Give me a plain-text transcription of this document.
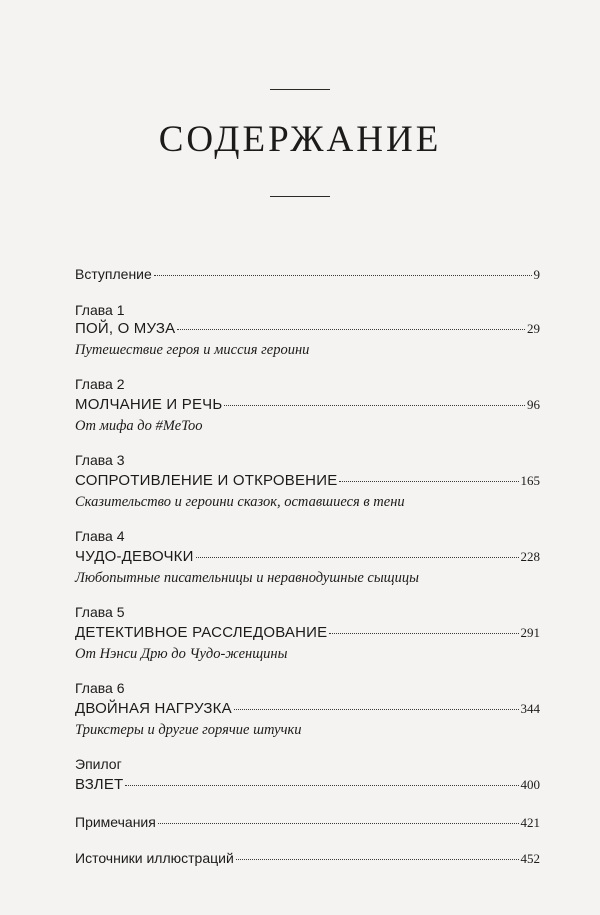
СОДЕРЖАНИЕ
Вступление	9
Глава 1
ПОЙ, О МУЗА	29
Путешествие героя и миссия героини
Глава 2
МОЛЧАНИЕ И РЕЧЬ	96
От мифа до #MeToo
Глава 3
СОПРОТИВЛЕНИЕ И ОТКРОВЕНИЕ	165
Сказительство и героини сказок, оставшиеся в тени
Глава 4
ЧУДО-ДЕВОЧКИ	228
Любопытные писательницы и неравнодушные сыщицы
Глава 5
ДЕТЕКТИВНОЕ РАССЛЕДОВАНИЕ	291
От Нэнси Дрю до Чудо-женщины
Глава 6
ДВОЙНАЯ НАГРУЗКА	344
Трикстеры и другие горячие штучки
Эпилог
ВЗЛЕТ	400
Примечания	421
Источники иллюстраций	452
